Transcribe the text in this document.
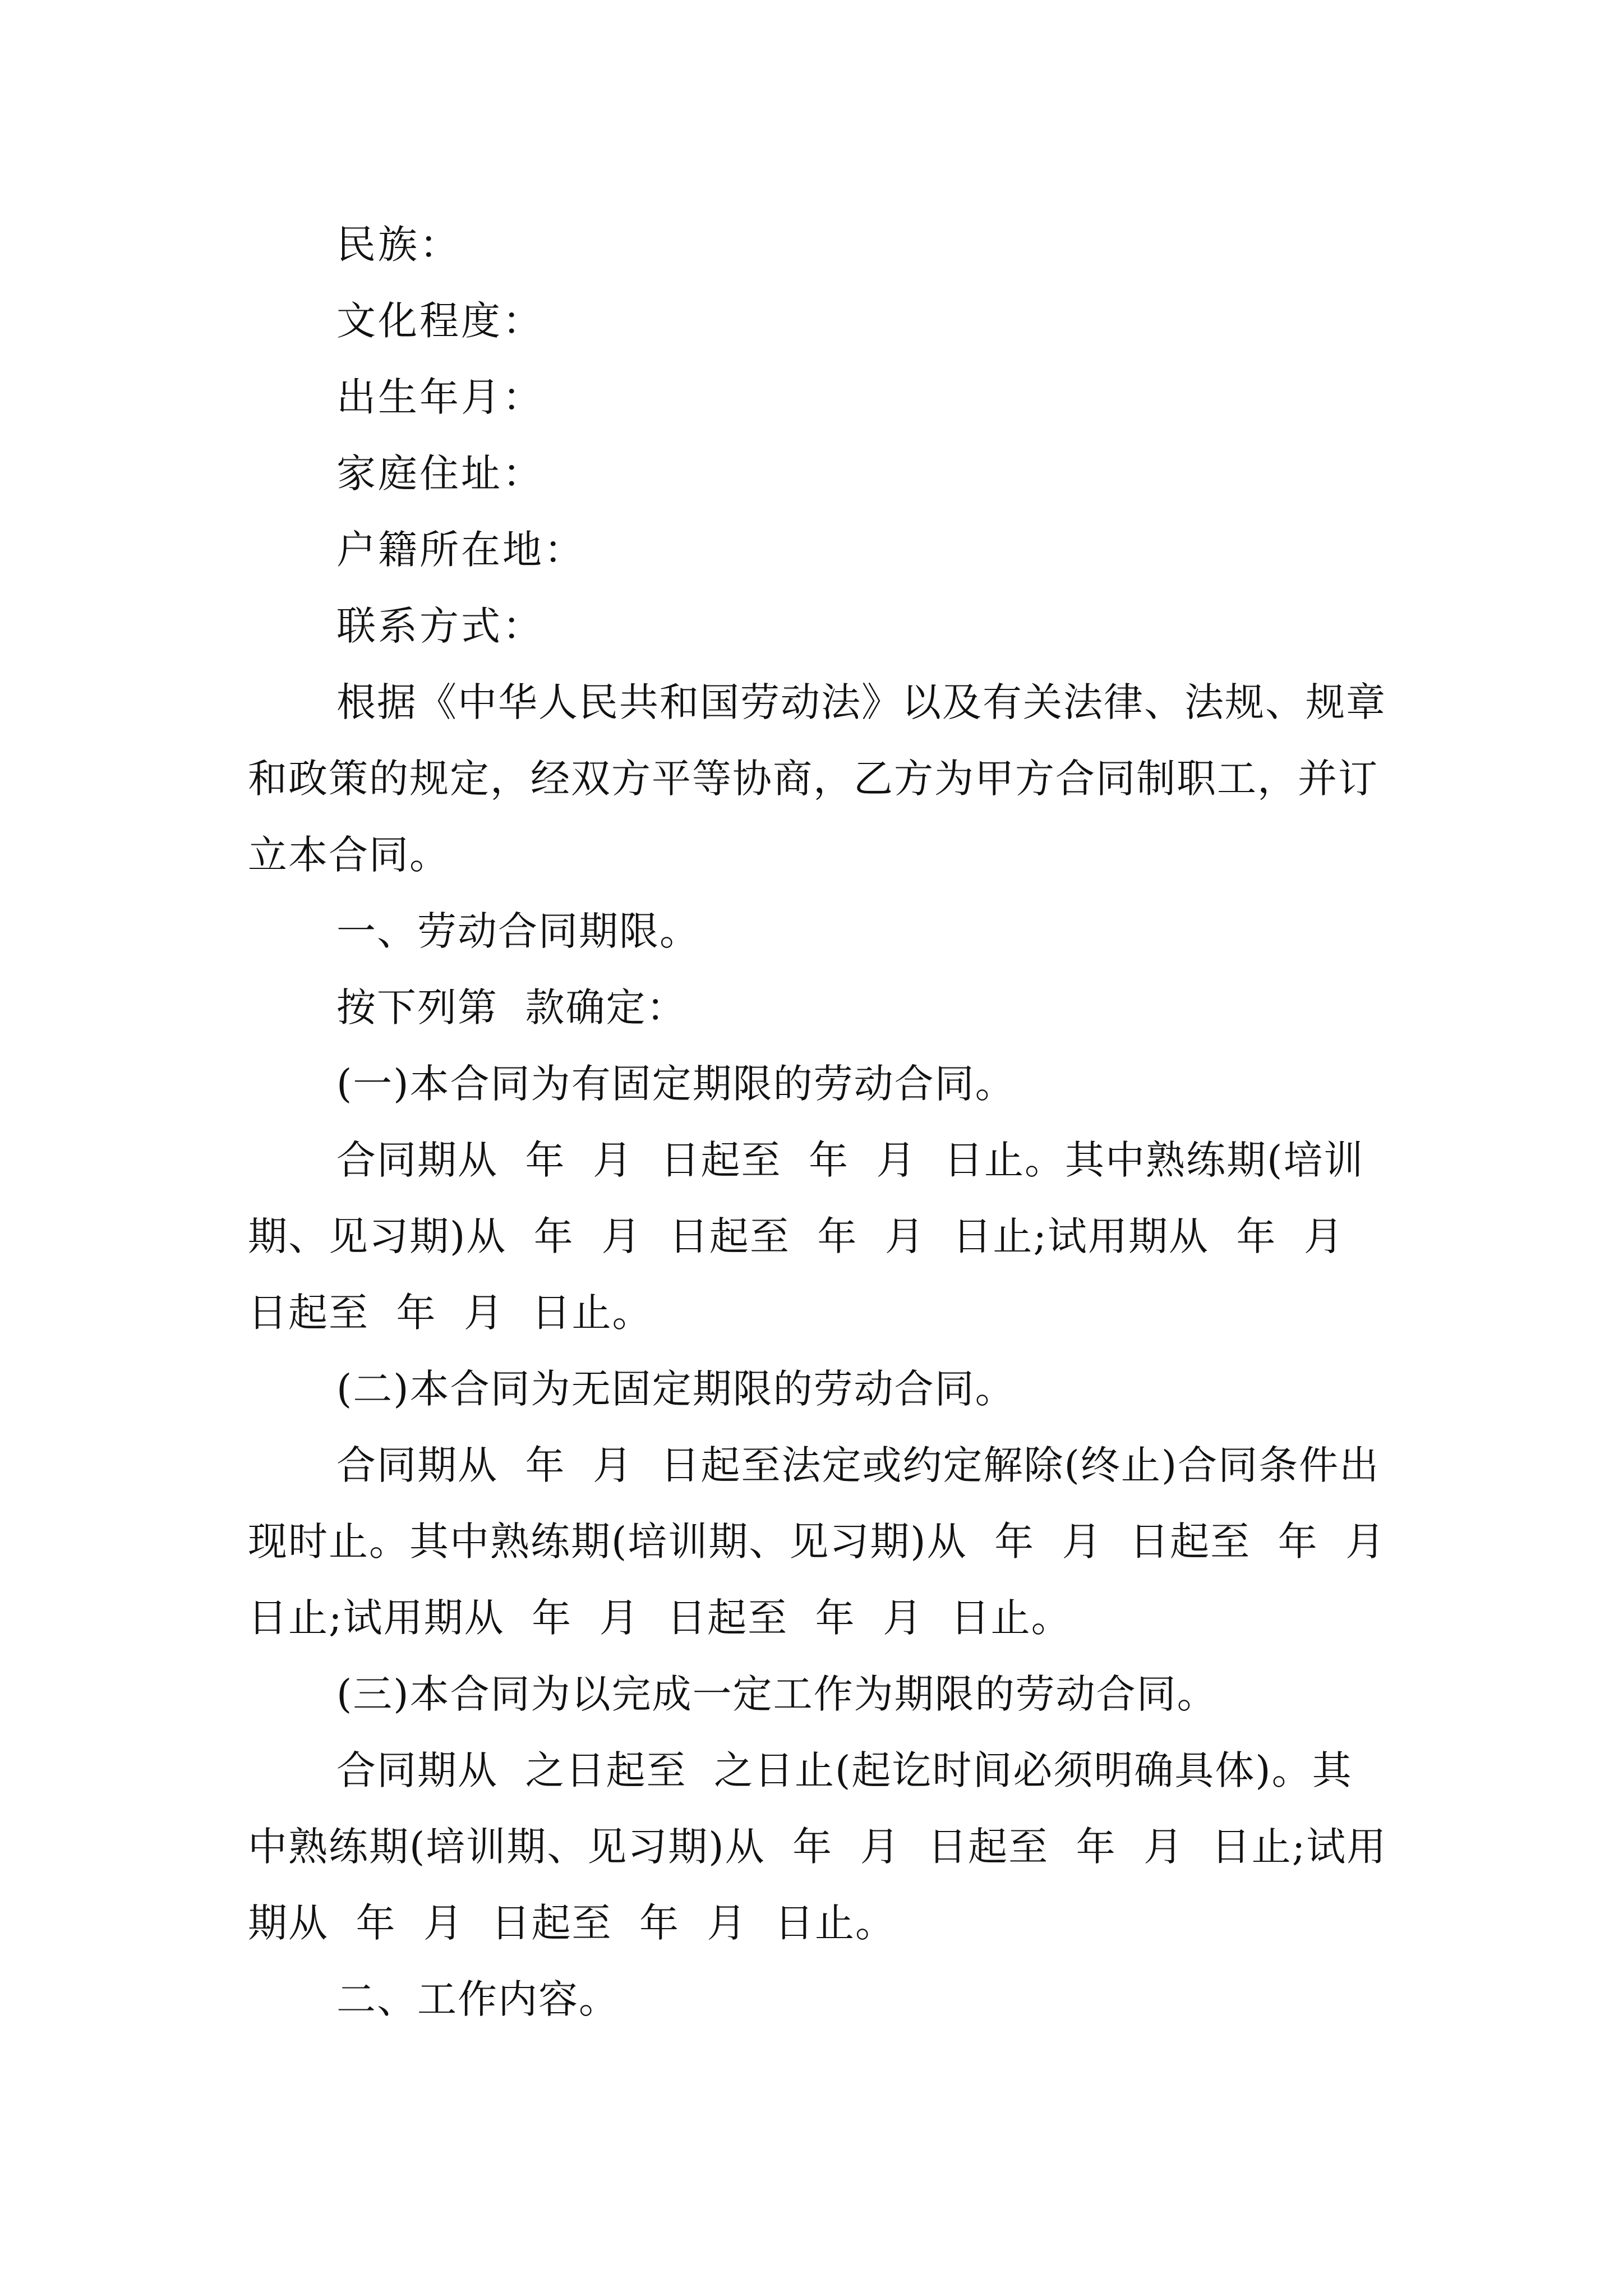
民族：

文化程度：

出生年月：

家庭住址：

户籍所在地：

联系方式：

根据《中华人民共和国劳动法》以及有关法律、法规、规章和政策的规定，经双方平等协商，乙方为甲方合同制职工，并订立本合同。

一、劳动合同期限。

按下列第  款确定：

(一)本合同为有固定期限的劳动合同。

合同期从  年  月  日起至  年  月  日止。其中熟练期(培训期、见习期)从  年  月  日起至  年  月  日止;试用期从  年  月  日起至  年  月  日止。

(二)本合同为无固定期限的劳动合同。

合同期从  年  月  日起至法定或约定解除(终止)合同条件出现时止。其中熟练期(培训期、见习期)从  年  月  日起至  年  月  日止;试用期从  年  月  日起至  年  月  日止。

(三)本合同为以完成一定工作为期限的劳动合同。

合同期从  之日起至  之日止(起讫时间必须明确具体)。其中熟练期(培训期、见习期)从  年  月  日起至  年  月  日止;试用期从  年  月  日起至  年  月  日止。

二、工作内容。
